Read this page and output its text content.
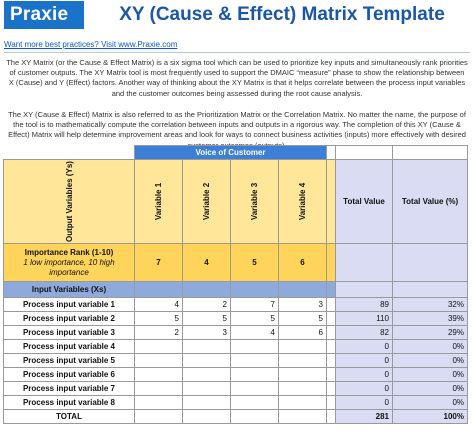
Praxie	XY (Cause & Effect) Matrix Template
Want more best practices? Visit www.Praxie.com
The XY Matrix (or the Cause & Effect Matrix) is a six sigma tool which can be used to prioritize key inputs and simultaneously rank priorities of customer outputs. The XY Matrix tool is most frequently used to support the DMAIC “measure” phase to show the relationship between X (Cause) and Y (Effect) factors. Another way of thinking about the XY Matrix is that it helps correlate between the process input variables and the customer outcomes being assessed during the root cause analysis.
The XY (Cause & Effect) Matrix is also referred to as the Prioritization Matrix or the Correlation Matrix. No matter the name, the purpose of the tool is to mathematically compute the correlation between inputs and outputs in a rigorous way. The completion of this XY (Cause & Effect) Matrix will help determine improvement areas and look for ways to connect business activities (inputs) more effectively with desired
	Voice of Customer						
Output Variables (Ys)	Variable 1	Variable 2	Variable 3	Variable 4		Total Value	Total Value (%)

Importance Rank (1-10)
1 low importance, 10 high importance	7	4	5	6			
Input Variables (Xs)							
Process input variable 1	4	2	7	3		89	32%
Process input variable 2	5	5	5	5		110	39%
Process input variable 3	2	3	4	6		82	29%
Process input variable 4						0	0%
Process input variable 5						0	0%
Process input variable 6						0	0%
Process input variable 7						0	0%
Process input variable 8						0	0%
TOTAL						281	100%
